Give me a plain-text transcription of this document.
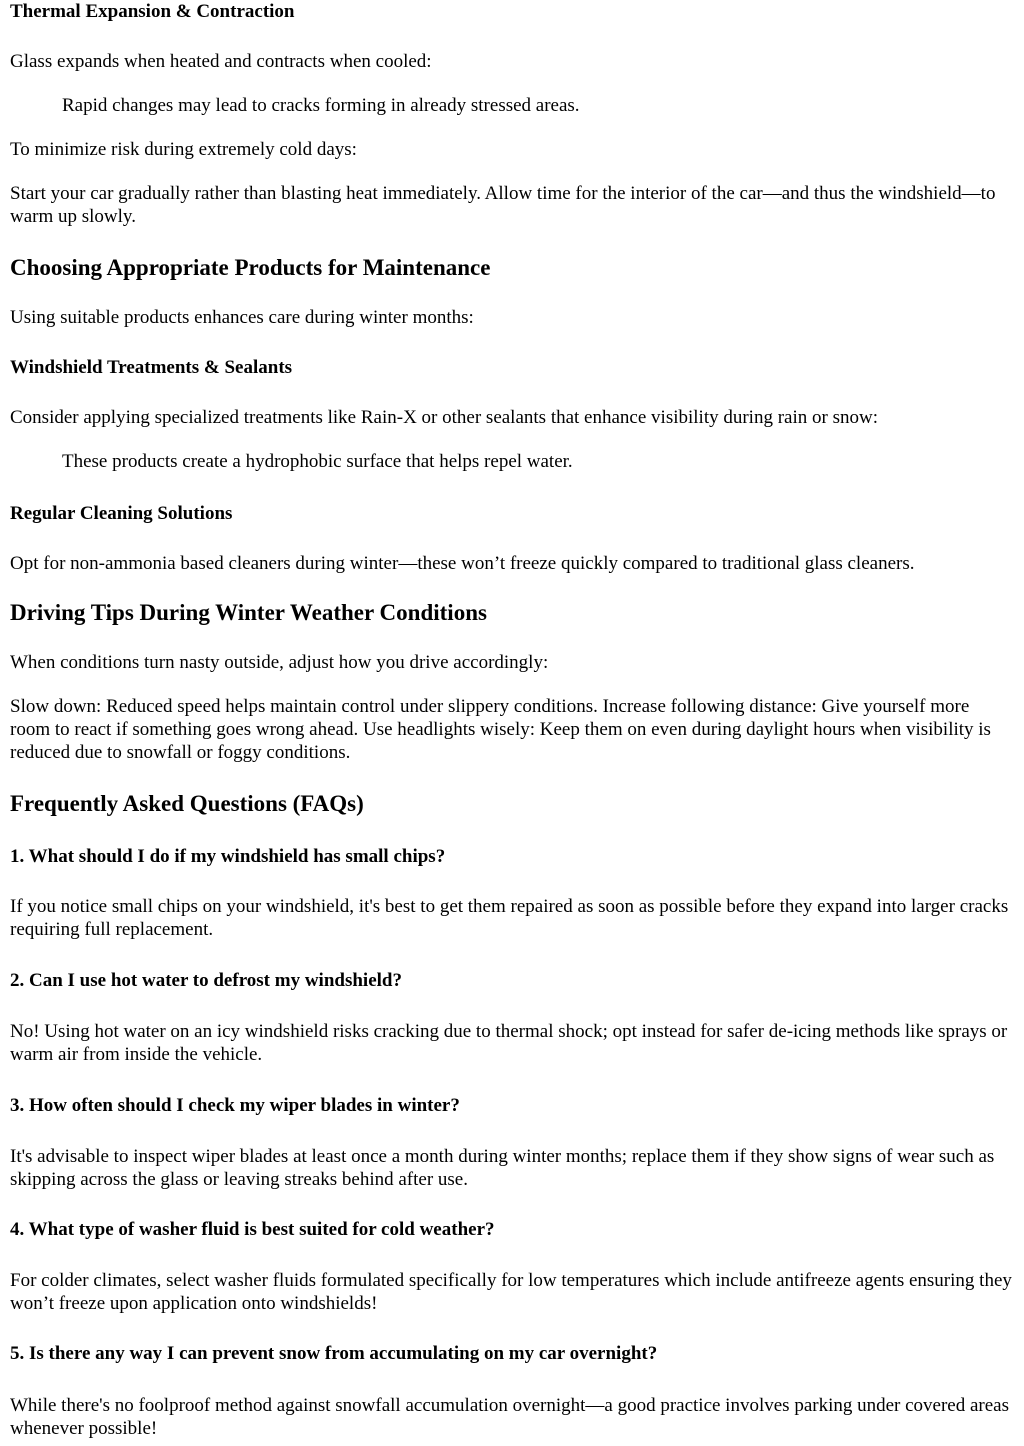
Thermal Expansion & Contraction

Glass expands when heated and contracts when cooled:

Rapid changes may lead to cracks forming in already stressed areas.

To minimize risk during extremely cold days:

Start your car gradually rather than blasting heat immediately. Allow time for the interior of the car—and thus the windshield—to warm up slowly.

Choosing Appropriate Products for Maintenance

Using suitable products enhances care during winter months:

Windshield Treatments & Sealants

Consider applying specialized treatments like Rain-X or other sealants that enhance visibility during rain or snow:

These products create a hydrophobic surface that helps repel water.
Regular Cleaning Solutions

Opt for non-ammonia based cleaners during winter—these won’t freeze quickly compared to traditional glass cleaners.

Driving Tips During Winter Weather Conditions

When conditions turn nasty outside, adjust how you drive accordingly:

Slow down: Reduced speed helps maintain control under slippery conditions. Increase following distance: Give yourself more room to react if something goes wrong ahead. Use headlights wisely: Keep them on even during daylight hours when visibility is reduced due to snowfall or foggy conditions.

Frequently Asked Questions (FAQs)
1. What should I do if my windshield has small chips?

If you notice small chips on your windshield, it's best to get them repaired as soon as possible before they expand into larger cracks requiring full replacement.

2. Can I use hot water to defrost my windshield?

No! Using hot water on an icy windshield risks cracking due to thermal shock; opt instead for safer de-icing methods like sprays or warm air from inside the vehicle.

3. How often should I check my wiper blades in winter?

It's advisable to inspect wiper blades at least once a month during winter months; replace them if they show signs of wear such as skipping across the glass or leaving streaks behind after use.

4. What type of washer fluid is best suited for cold weather?

For colder climates, select washer fluids formulated specifically for low temperatures which include antifreeze agents ensuring they won’t freeze upon application onto windshields!

5. Is there any way I can prevent snow from accumulating on my car overnight?

While there's no foolproof method against snowfall accumulation overnight—a good practice involves parking under covered areas whenever possible!
